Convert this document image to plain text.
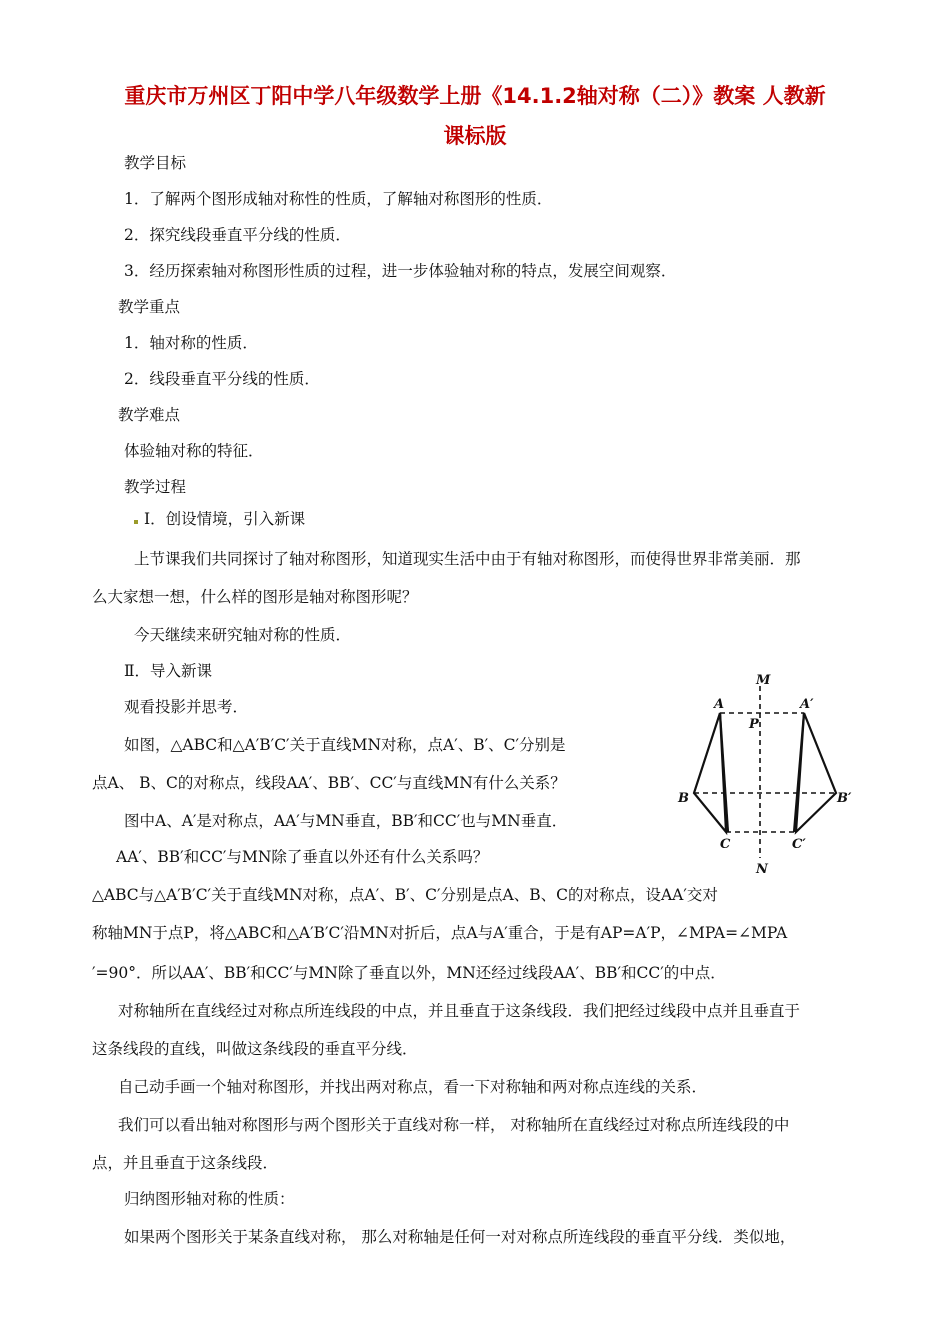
重庆市万州区丁阳中学八年级数学上册《14.1.2轴对称（二）》教案 人教新
课标版
教学目标
1．了解两个图形成轴对称性的性质，了解轴对称图形的性质．
2．探究线段垂直平分线的性质．
3．经历探索轴对称图形性质的过程，进一步体验轴对称的特点，发展空间观察．
教学重点
1．轴对称的性质．
2．线段垂直平分线的性质．
教学难点
体验轴对称的特征．
教学过程
Ⅰ．创设情境，引入新课
上节课我们共同探讨了轴对称图形，知道现实生活中由于有轴对称图形，而使得世界非常美丽．那
么大家想一想，什么样的图形是轴对称图形呢？
今天继续来研究轴对称的性质．
Ⅱ．导入新课
观看投影并思考．
如图，△ABC和△A′B′C′关于直线MN对称，点A′、B′、C′分别是
点A、 B、C的对称点，线段AA′、BB′、CC′与直线MN有什么关系？
图中A、A′是对称点，AA′与MN垂直，BB′和CC′也与MN垂直．
AA′、BB′和CC′与MN除了垂直以外还有什么关系吗？
△ABC与△A′B′C′关于直线MN对称，点A′、B′、C′分别是点A、B、C的对称点，设AA′交对
称轴MN于点P，将△ABC和△A′B′C′沿MN对折后，点A与A′重合，于是有AP=A′P，∠MPA=∠MPA
′=90°．所以AA′、BB′和CC′与MN除了垂直以外，MN还经过线段AA′、BB′和CC′的中点．
对称轴所在直线经过对称点所连线段的中点，并且垂直于这条线段．我们把经过线段中点并且垂直于
这条线段的直线，叫做这条线段的垂直平分线．
自己动手画一个轴对称图形，并找出两对称点，看一下对称轴和两对称点连线的关系．
我们可以看出轴对称图形与两个图形关于直线对称一样， 对称轴所在直线经过对称点所连线段的中
点，并且垂直于这条线段．
归纳图形轴对称的性质：
如果两个图形关于某条直线对称， 那么对称轴是任何一对对称点所连线段的垂直平分线．类似地，
M
N
P
A	A′
B	B′
C	C′
